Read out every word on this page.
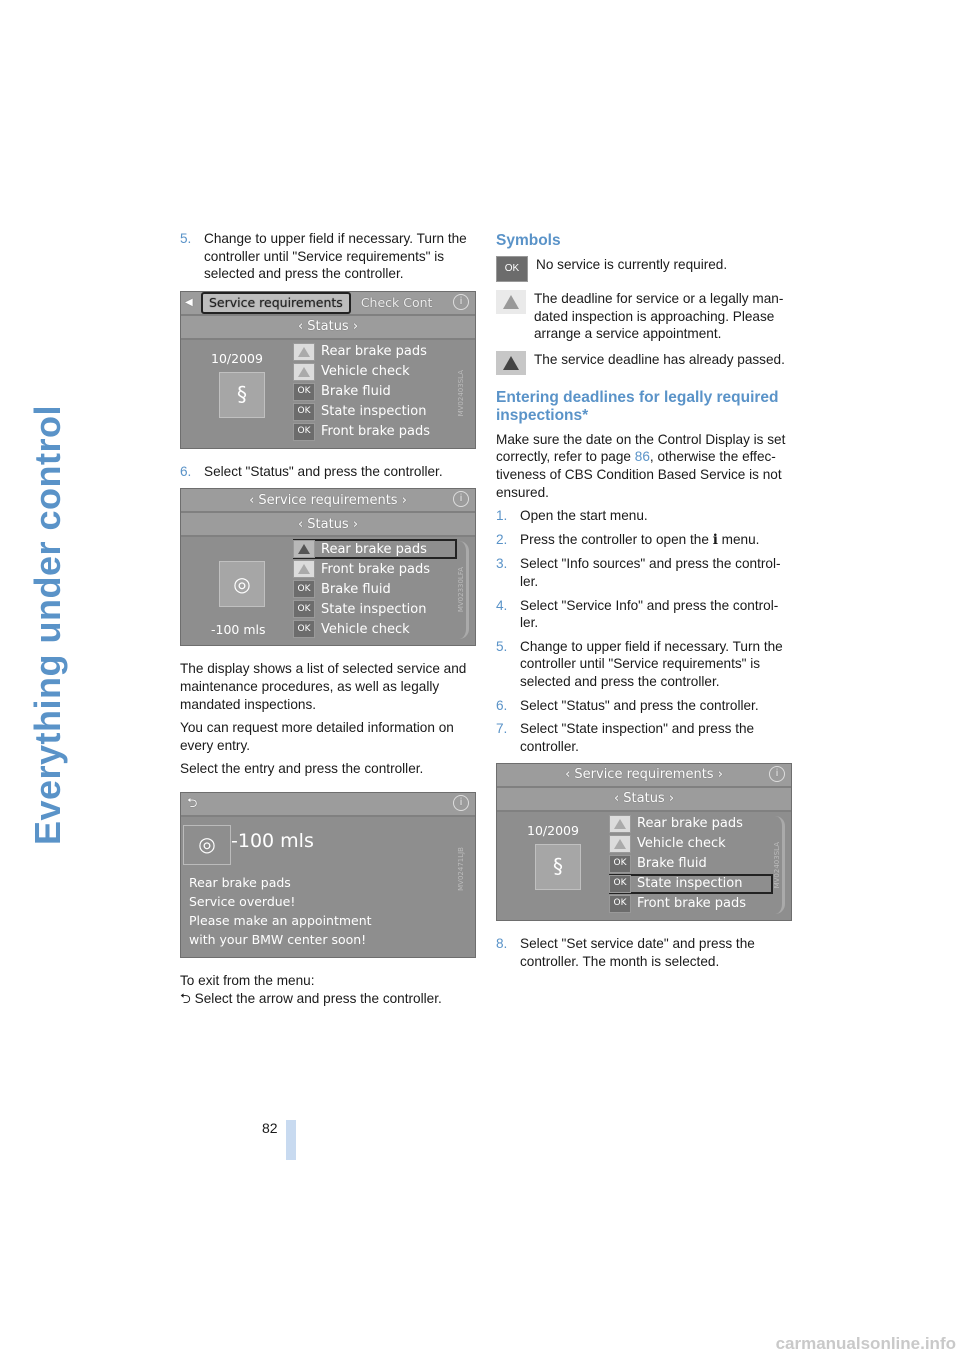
Everything under control
5. Change to upper field if necessary. Turn the controller until "Service requirements" is selected and press the controller.
◀	Service requirements	Check Cont	i
‹ Status ›
10/2009
§
Rear brake pads
Vehicle check
OK Brake fluid
OK State inspection
OK Front brake pads
MV02403SLA
6. Select "Status" and press the controller.
‹ Service requirements ›	i
‹ Status ›
◎
-100 mls
Rear brake pads
Front brake pads
OK Brake fluid
OK State inspection
OK Vehicle check
MV02330LFA

The display shows a list of selected service and maintenance procedures, as well as legally mandated inspections.

You can request more detailed information on every entry.

Select the entry and press the controller.

⮌	i
◎ -100 mls
Rear brake pads
Service overdue!
Please make an appointment
with your BMW center soon!
MV02471LJB

To exit from the menu:

⮌ Select the arrow and press the controller.

Symbols
OK	No service is currently required.
The deadline for service or a legally man-dated inspection is approaching. Please arrange a service appointment.
The service deadline has already passed.
Entering deadlines for legally required inspections*

Make sure the date on the Control Display is set correctly, refer to page 86, otherwise the effec-tiveness of CBS Condition Based Service is not ensured.

1. Open the start menu.
2. Press the controller to open the i menu.
3. Select "Info sources" and press the control-ler.
4. Select "Service Info" and press the control-ler.
5. Change to upper field if necessary. Turn the controller until "Service requirements" is selected and press the controller.
6. Select "Status" and press the controller.
7. Select "State inspection" and press the controller.
‹ Service requirements ›	i
‹ Status ›
10/2009
§
Rear brake pads
Vehicle check
OK Brake fluid
OK State inspection
OK Front brake pads
MV02403SLA
8. Select "Set service date" and press the controller. The month is selected.
82
carmanualsonline.info
